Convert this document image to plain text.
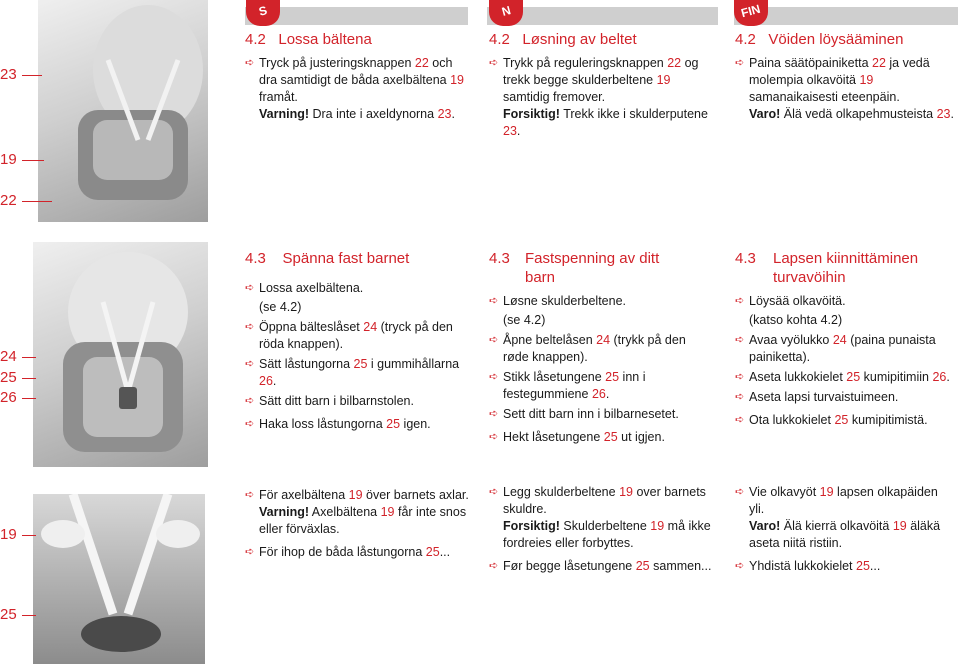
S	N	FIN
23
19
22
4.2 Lossa bältena
➪ Tryck på justeringsknappen 22 och dra samtidigt de båda axelbältena 19 framåt.
Varning! Dra inte i axeldynorna 23.
4.2 Løsning av beltet
➪ Trykk på reguleringsknappen 22 og trekk begge skulderbeltene 19 samtidig fremover.
Forsiktig! Trekk ikke i skulderputene 23.
4.2 Vöiden löysääminen
➪ Paina säätöpainiketta 22 ja vedä molempia olkavöitä 19 samanaikaisesti eteenpäin.
Varo! Älä vedä olkapehmusteista 23.
24
25
26
4.3 Spänna fast barnet
➪ Lossa axelbältena.
(se 4.2)
➪ Öppna bälteslåset 24 (tryck på den röda knappen).
➪ Sätt låstungorna 25 i gummihållarna 26.
➪ Sätt ditt barn i bilbarnstolen.
➪ Haka loss låstungorna 25 igen.
4.3	Fastspenning av ditt barn
➪ Løsne skulderbeltene.
(se 4.2)
➪ Åpne beltelåsen 24 (trykk på den røde knappen).
➪ Stikk låsetungene 25 inn i festegummiene 26.
➪ Sett ditt barn inn i bilbarnesetet.
➪ Hekt låsetungene 25 ut igjen.
4.3	Lapsen kiinnittäminen turvavöihin
➪ Löysää olkavöitä.
(katso kohta 4.2)
➪ Avaa vyölukko 24 (paina punaista painiketta).
➪ Aseta lukkokielet 25 kumipitimiin 26.
➪ Aseta lapsi turvaistuimeen.
➪ Ota lukkokielet 25 kumipitimistä.
19
25
➪ För axelbältena 19 över barnets axlar.
Varning! Axelbältena 19 får inte snos eller förväxlas.
➪ För ihop de båda låstungorna 25...
➪ Legg skulderbeltene 19 over barnets skuldre.
Forsiktig! Skulderbeltene 19 må ikke fordreies eller forbyttes.
➪ Før begge låsetungene 25 sammen...
➪ Vie olkavyöt 19 lapsen olkapäiden yli.
Varo! Älä kierrä olkavöitä 19 äläkä aseta niitä ristiin.
➪ Yhdistä lukkokielet 25...
